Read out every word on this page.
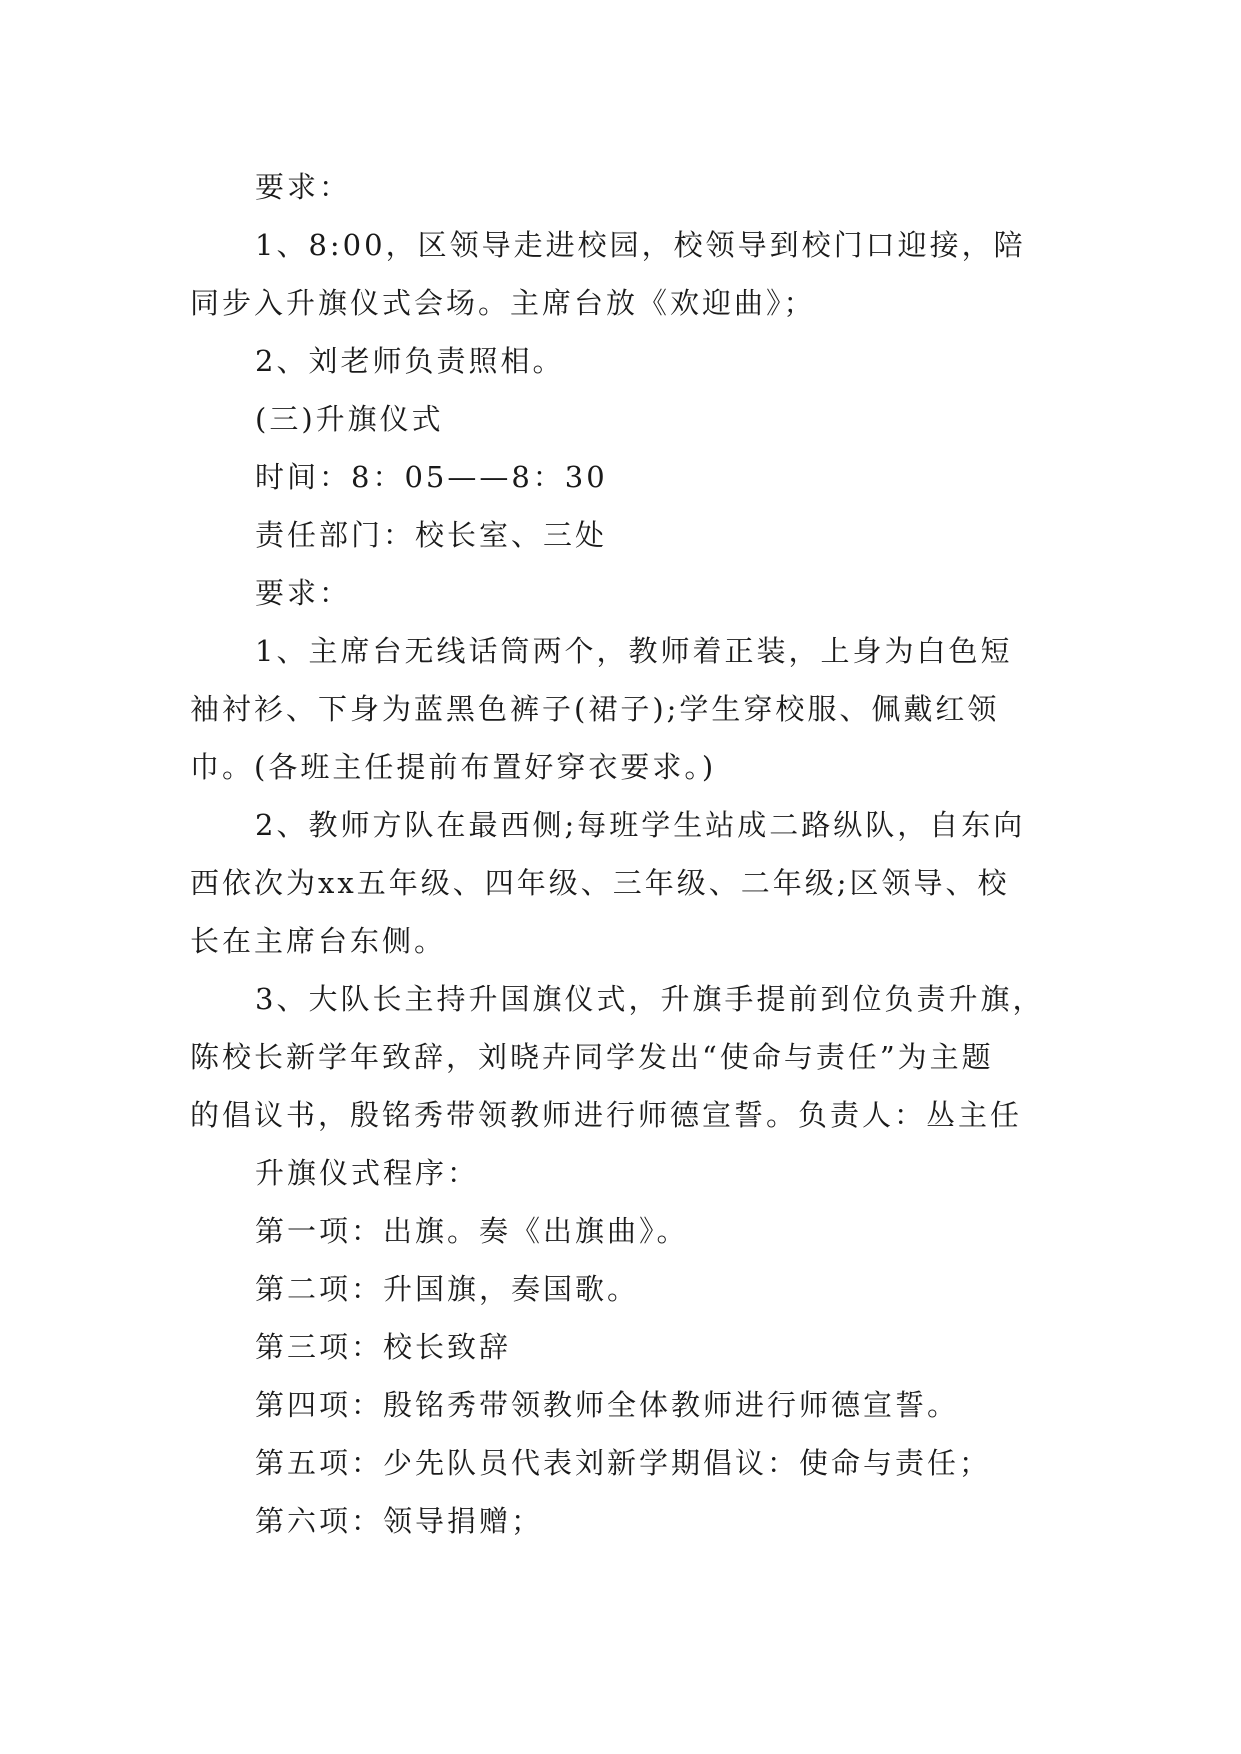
要求：

1、8:00，区领导走进校园，校领导到校门口迎接，陪

同步入升旗仪式会场。主席台放《欢迎曲》；

2、刘老师负责照相。

(三)升旗仪式

时间：8：05——8：30

责任部门：校长室、三处

要求：

1、主席台无线话筒两个，教师着正装，上身为白色短

袖衬衫、下身为蓝黑色裤子(裙子);学生穿校服、佩戴红领

巾。(各班主任提前布置好穿衣要求。)

2、教师方队在最西侧;每班学生站成二路纵队，自东向

西依次为xx五年级、四年级、三年级、二年级;区领导、校

长在主席台东侧。

3、大队长主持升国旗仪式，升旗手提前到位负责升旗，

陈校长新学年致辞，刘晓卉同学发出“使命与责任”为主题

的倡议书，殷铭秀带领教师进行师德宣誓。负责人：丛主任

升旗仪式程序：

第一项：出旗。奏《出旗曲》。

第二项：升国旗，奏国歌。

第三项：校长致辞

第四项：殷铭秀带领教师全体教师进行师德宣誓。

第五项：少先队员代表刘新学期倡议：使命与责任；

第六项：领导捐赠；
